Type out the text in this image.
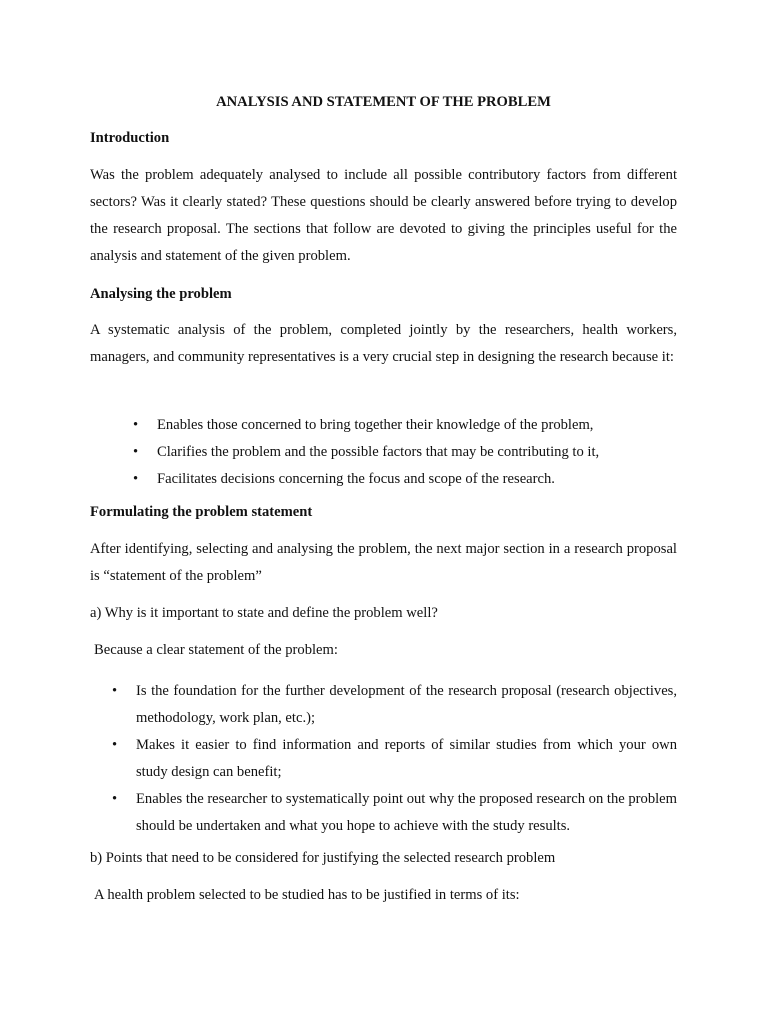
ANALYSIS AND STATEMENT OF THE PROBLEM

Introduction

Was the problem adequately analysed to include all possible contributory factors from different sectors? Was it clearly stated? These questions should be clearly answered before trying to develop the research proposal. The sections that follow are devoted to giving the principles useful for the analysis and statement of the given problem.

Analysing the problem

A systematic analysis of the problem, completed jointly by the researchers, health workers, managers, and community representatives is a very crucial step in designing the research because it:

• Enables those concerned to bring together their knowledge of the problem,
• Clarifies the problem and the possible factors that may be contributing to it,
• Facilitates decisions concerning the focus and scope of the research.

Formulating the problem statement

After identifying, selecting and analysing the problem, the next major section in a research proposal is “statement of the problem”

a) Why is it important to state and define the problem well?

Because a clear statement of the problem:

• Is the foundation for the further development of the research proposal (research objectives, methodology, work plan, etc.);
• Makes it easier to find information and reports of similar studies from which your own study design can benefit;
• Enables the researcher to systematically point out why the proposed research on the problem should be undertaken and what you hope to achieve with the study results.

b) Points that need to be considered for justifying the selected research problem

A health problem selected to be studied has to be justified in terms of its:
